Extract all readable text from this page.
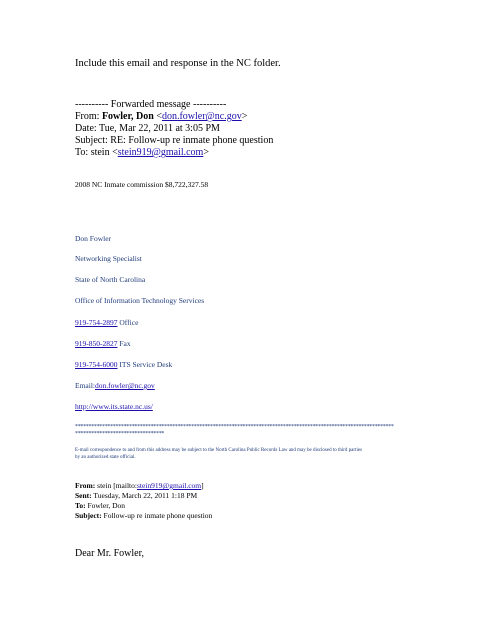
Include this email and response in the NC folder.
---------- Forwarded message ----------
From: Fowler, Don <don.fowler@nc.gov>
Date: Tue, Mar 22, 2011 at 3:05 PM
Subject: RE: Follow-up re inmate phone question
To: stein <stein919@gmail.com>
2008 NC Inmate commission $8,722,327.58
Don Fowler
Networking Specialist
State of North Carolina
Office of Information Technology Services
919-754-2897 Office
919-850-2827 Fax
919-754-6000 ITS Service Desk
Email:don.fowler@nc.gov
http://www.its.state.nc.us/
**********************************************************************************************************************
*********************************
E-mail correspondence to and from this address may be subject to the North Carolina Public Records Law and may be disclosed to third parties
by an authorized state official.
From: stein [mailto:stein919@gmail.com]
Sent: Tuesday, March 22, 2011 1:18 PM
To: Fowler, Don
Subject: Follow-up re inmate phone question
Dear Mr. Fowler,
